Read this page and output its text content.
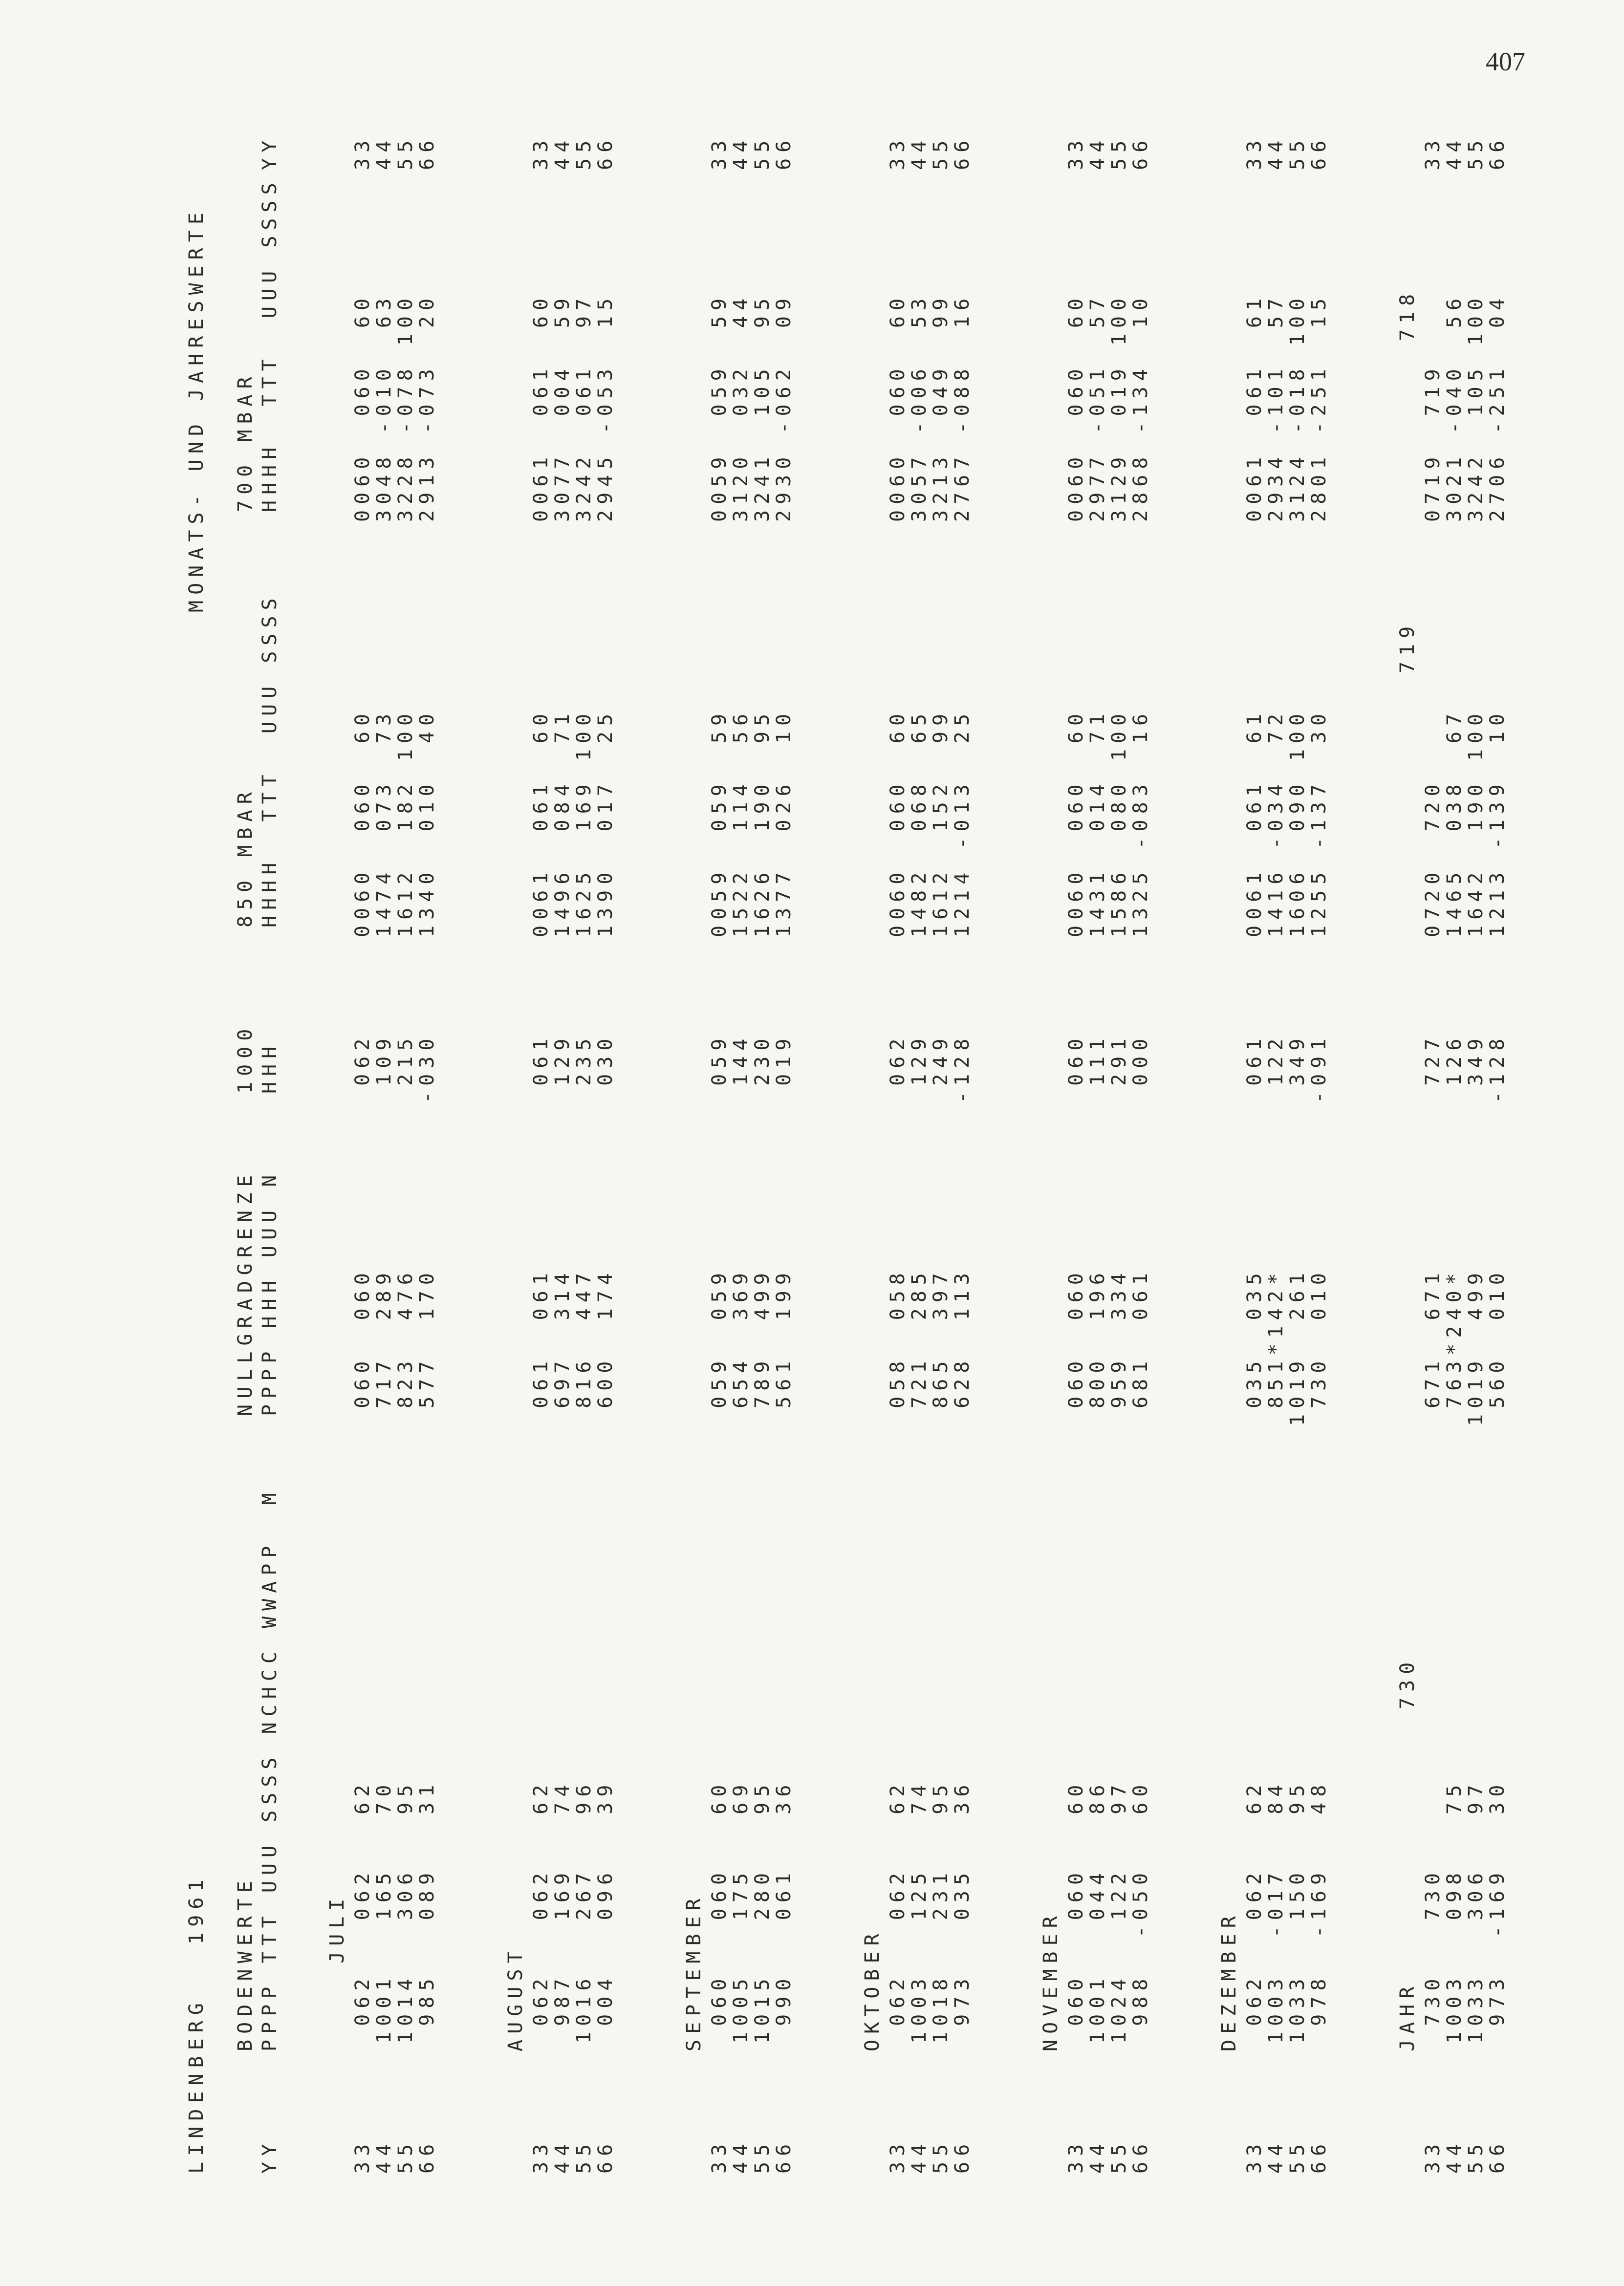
407
LINDENBERG   1961
MONATS- UND JAHRESWERTE
BODENWERTE PPPP TTT UUU SSSS NCHCC WWAPP  M
YY
NULLGRADGRENZE PPPP HHH UUU N
1000 HHH
850 MBAR HHHH  TTT  UUU SSSS
700 MBAR HHHH  TTT  UUU SSSS
YY
JULI
33
062   062   62
060  060
062
0060  060  60
0060  060  60
33
44
1001   165   70
717  289
109
1474  073  73
3048 -010  63
44
55
1014   306   95
823  476
215
1612  182 100
3228 -078 100
55
66
985   089   31
577  170
-030
1340  010  40
2913 -073  20
66
AUGUST
33
062   062   62
061  061
061
0061  061  60
0061  061  60
33
44
987   169   74
697  314
129
1496  084  71
3077  004  59
44
55
1016   267   96
816  447
235
1625  169 100
3242  061  97
55
66
004   096   39
600  174
030
1390  017  25
2945 -053  15
66
SEPTEMBER
33
060   060   60
059  059
059
0059  059  59
0059  059  59
33
44
1005   175   69
654  369
144
1522  114  56
3120  032  44
44
55
1015   280   95
789  499
230
1626  190  95
3241  105  95
55
66
990   061   36
561  199
019
1377  026  10
2930 -062  09
66
OKTOBER
33
062   062   62
058  058
062
0060  060  60
0060  060  60
33
44
1003   125   74
721  285
129
1482  068  65
3057 -006  53
44
55
1018   231   95
865  397
249
1612  152  99
3213  049  99
55
66
973   035   36
628  113
-128
1214 -013  25
2767 -088  16
66
NOVEMBER
33
060   060   60
060  060
060
0060  060  60
0060  060  60
33
44
1001   044   86
800  196
111
1431  014  71
2977 -051  57
44
55
1024   122   97
959  334
291
1586  080 100
3129  019 100
55
66
988  -050   60
681  061
000
1325 -083  16
2868 -134  10
66
DEZEMBER
33
062   062   62
035  035
061
0061  061  61
0061  061  61
33
44
1003  -017   84
851*142*
122
1416 -034  72
2934 -101  57
44
55
1033   150   95
1019  261
349
1606  090 100
3124 -018 100
55
66
978  -169   48
730  010
-091
1255 -137  30
2801 -251  15
66
JAHR
33
730   730
671  671
727
0720  720
0719  719
33
44
1003   098   75
763*240*
126
1465  038  67
3021 -040  56
44
55
1033   306   97
1019  499
349
1642  190 100
3242  105 100
55
66
973  -169   30
560  010
-128
1213 -139  10
2706 -251  04
66
730
719
718
